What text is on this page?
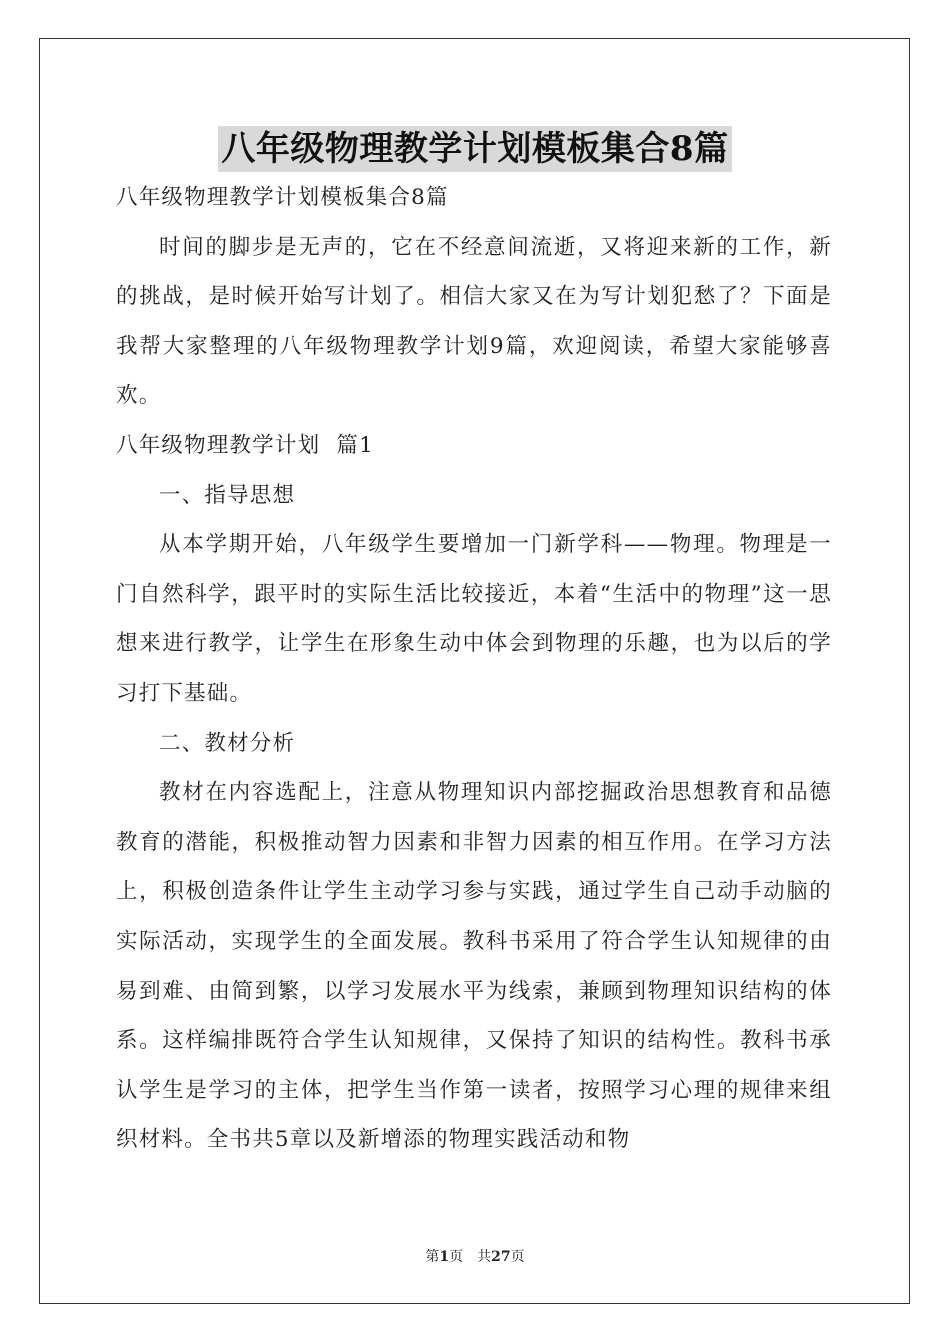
八年级物理教学计划模板集合8篇
八年级物理教学计划模板集合8篇

时间的脚步是无声的，它在不经意间流逝，又将迎来新的工作，新的挑战，是时候开始写计划了。相信大家又在为写计划犯愁了？下面是我帮大家整理的八年级物理教学计划9篇，欢迎阅读，希望大家能够喜欢。

八年级物理教学计划  篇1
一、指导思想

从本学期开始，八年级学生要增加一门新学科——物理。物理是一门自然科学，跟平时的实际生活比较接近，本着“生活中的物理”这一思想来进行教学，让学生在形象生动中体会到物理的乐趣，也为以后的学习打下基础。

二、教材分析

教材在内容选配上，注意从物理知识内部挖掘政治思想教育和品德教育的潜能，积极推动智力因素和非智力因素的相互作用。在学习方法上，积极创造条件让学生主动学习参与实践，通过学生自己动手动脑的实际活动，实现学生的全面发展。教科书采用了符合学生认知规律的由易到难、由简到繁，以学习发展水平为线索，兼顾到物理知识结构的体系。这样编排既符合学生认知规律，又保持了知识的结构性。教科书承认学生是学习的主体，把学生当作第一读者，按照学习心理的规律来组织材料。全书共5章以及新增添的物理实践活动和物

第1页　共27页
